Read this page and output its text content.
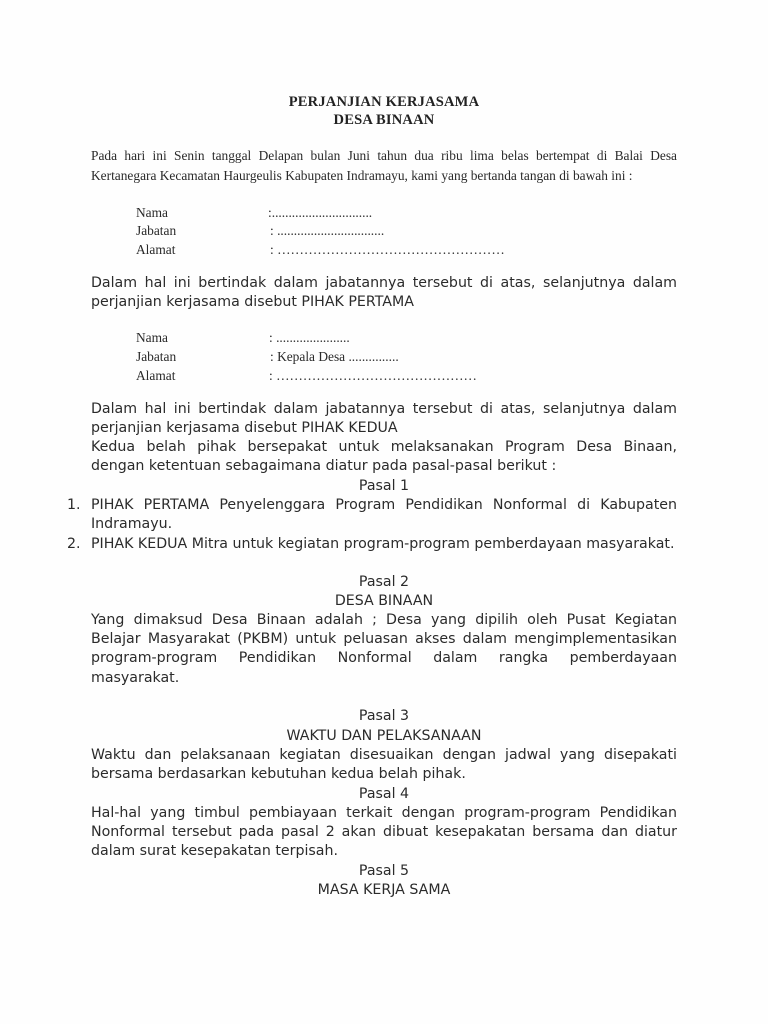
PERJANJIAN KERJASAMA
DESA BINAAN
Pada hari ini Senin tanggal Delapan bulan Juni tahun dua ribu lima belas bertempat di Balai Desa Kertanegara Kecamatan Haurgeulis Kabupaten Indramayu, kami yang bertanda tangan di bawah ini :
Nama	:..............................
Jabatan	: ................................
Alamat	: ……………………………………………
Dalam hal ini bertindak dalam jabatannya tersebut di atas, selanjutnya dalam perjanjian kerjasama disebut PIHAK PERTAMA
Nama	: ......................
Jabatan	: Kepala Desa ...............
Alamat	: ………………………………………
Dalam hal ini bertindak dalam jabatannya tersebut di atas, selanjutnya dalam perjanjian kerjasama disebut PIHAK KEDUA
Kedua belah pihak bersepakat untuk melaksanakan Program Desa Binaan, dengan ketentuan sebagaimana diatur pada pasal-pasal berikut :
Pasal 1
1. PIHAK PERTAMA Penyelenggara Program Pendidikan Nonformal di Kabupaten Indramayu.
2. PIHAK KEDUA Mitra untuk kegiatan program-program pemberdayaan masyarakat.
Pasal 2
DESA BINAAN
Yang dimaksud Desa Binaan adalah ; Desa yang dipilih oleh Pusat Kegiatan Belajar Masyarakat (PKBM) untuk peluasan akses dalam mengimplementasikan program-program Pendidikan Nonformal dalam rangka pemberdayaan masyarakat.
Pasal 3
WAKTU DAN PELAKSANAAN
Waktu dan pelaksanaan kegiatan disesuaikan dengan jadwal yang disepakati bersama berdasarkan kebutuhan kedua belah pihak.
Pasal 4
Hal-hal yang timbul pembiayaan terkait dengan program-program Pendidikan Nonformal tersebut pada pasal 2 akan dibuat kesepakatan bersama dan diatur dalam surat kesepakatan terpisah.
Pasal 5
MASA KERJA SAMA
